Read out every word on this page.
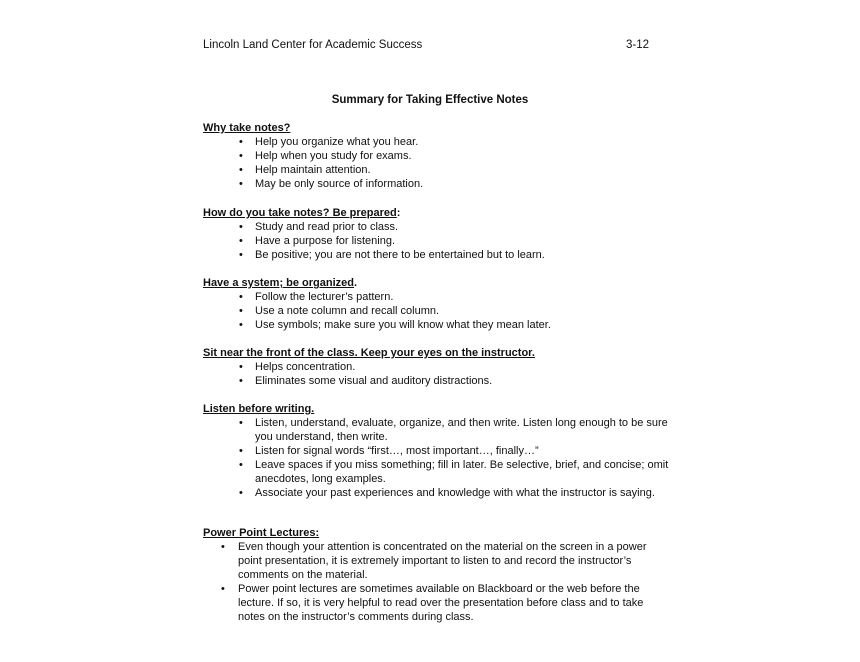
Lincoln Land Center for Academic Success	3-12
Summary for Taking Effective Notes
Why take notes?
• Help you organize what you hear.
• Help when you study for exams.
• Help maintain attention.
• May be only source of information.
How do you take notes? Be prepared:
• Study and read prior to class.
• Have a purpose for listening.
• Be positive; you are not there to be entertained but to learn.
Have a system; be organized.
• Follow the lecturer’s pattern.
• Use a note column and recall column.
• Use symbols; make sure you will know what they mean later.
Sit near the front of the class. Keep your eyes on the instructor.
• Helps concentration.
• Eliminates some visual and auditory distractions.
Listen before writing.
• Listen, understand, evaluate, organize, and then write. Listen long enough to be sure you understand, then write.
• Listen for signal words “first…, most important…, finally…”
• Leave spaces if you miss something; fill in later. Be selective, brief, and concise; omit anecdotes, long examples.
• Associate your past experiences and knowledge with what the instructor is saying.
Power Point Lectures:
• Even though your attention is concentrated on the material on the screen in a power point presentation, it is extremely important to listen to and record the instructor’s comments on the material.
• Power point lectures are sometimes available on Blackboard or the web before the lecture. If so, it is very helpful to read over the presentation before class and to take notes on the instructor’s comments during class.
